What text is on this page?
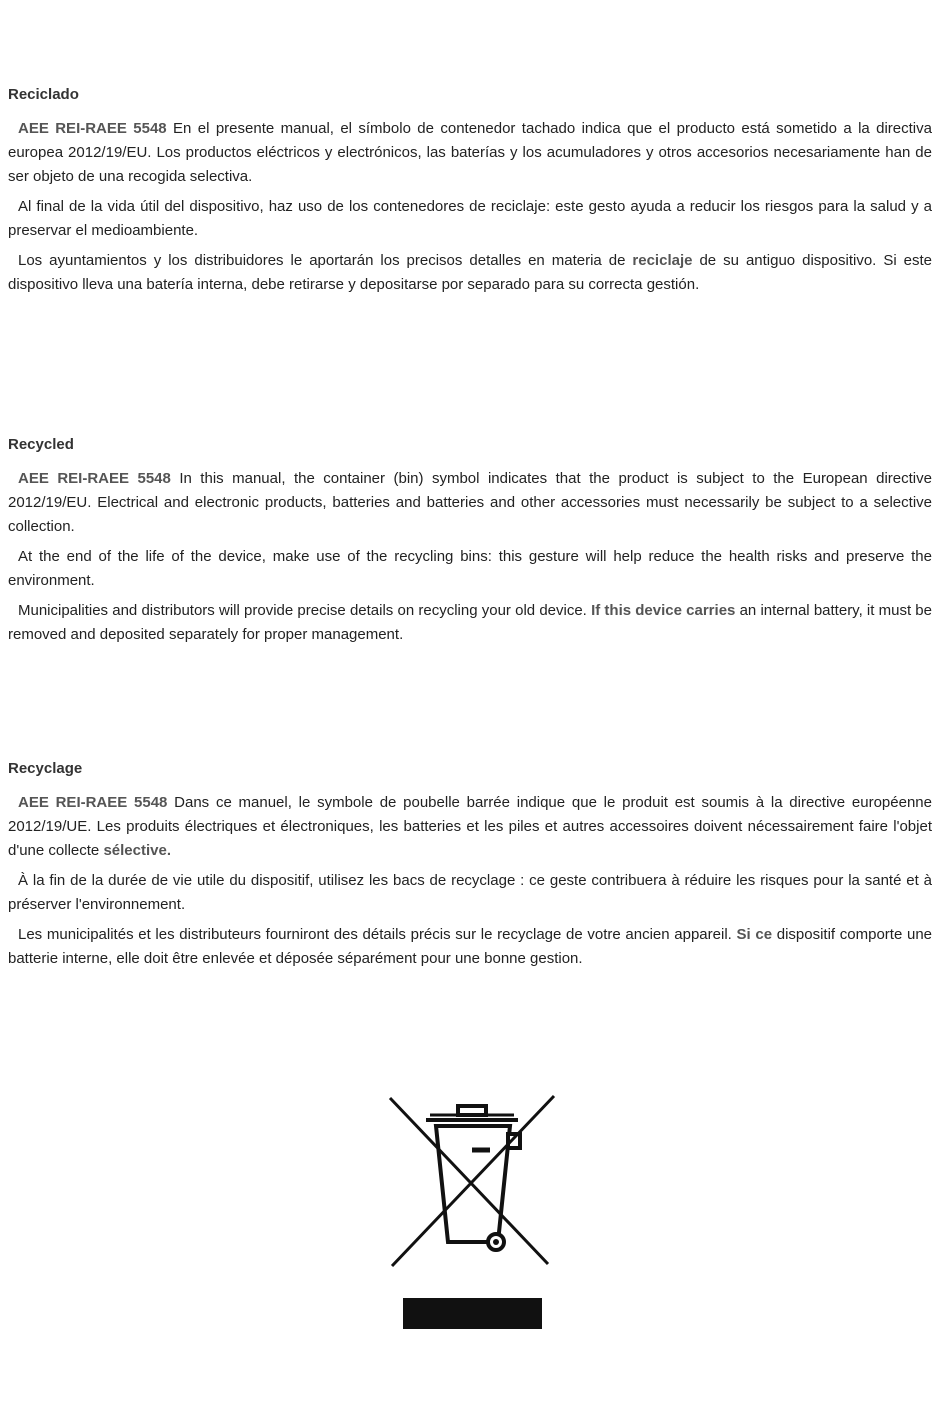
Reciclado

AEE REI-RAEE 5548 En el presente manual, el símbolo de contenedor tachado indica que el producto está sometido a la directiva europea 2012/19/EU. Los productos eléctricos y electrónicos, las baterías y los acumuladores y otros accesorios necesariamente han de ser objeto de una recogida selectiva.

Al final de la vida útil del dispositivo, haz uso de los contenedores de reciclaje: este gesto ayuda a reducir los riesgos para la salud y a preservar el medioambiente.

Los ayuntamientos y los distribuidores le aportarán los precisos detalles en materia de reciclaje de su antiguo dispositivo. Si este dispositivo lleva una batería interna, debe retirarse y depositarse por separado para su correcta gestión.

Recycled

AEE REI-RAEE 5548 In this manual, the container (bin) symbol indicates that the product is subject to the European directive 2012/19/EU. Electrical and electronic products, batteries and batteries and other accessories must necessarily be subject to a selective collection.

At the end of the life of the device, make use of the recycling bins: this gesture will help reduce the health risks and preserve the environment.

Municipalities and distributors will provide precise details on recycling your old device. If this device carries an internal battery, it must be removed and deposited separately for proper management.

Recyclage

AEE REI-RAEE 5548 Dans ce manuel, le symbole de poubelle barrée indique que le produit est soumis à la directive européenne 2012/19/UE. Les produits électriques et électroniques, les batteries et les piles et autres accessoires doivent nécessairement faire l'objet d'une collecte sélective.

À la fin de la durée de vie utile du dispositif, utilisez les bacs de recyclage : ce geste contribuera à réduire les risques pour la santé et à préserver l'environnement.

Les municipalités et les distributeurs fourniront des détails précis sur le recyclage de votre ancien appareil. Si ce dispositif comporte une batterie interne, elle doit être enlevée et déposée séparément pour une bonne gestion.
